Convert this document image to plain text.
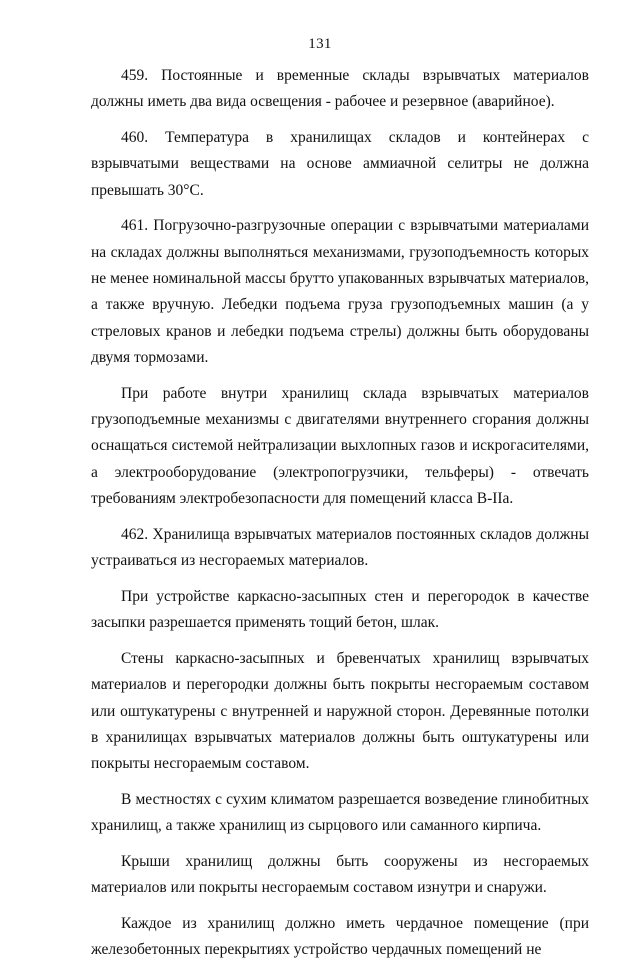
131

459. Постоянные и временные склады взрывчатых материалов должны иметь два вида освещения - рабочее и резервное (аварийное).

460. Температура в хранилищах складов и контейнерах с взрывчатыми веществами на основе аммиачной селитры не должна превышать 30°С.

461. Погрузочно-разгрузочные операции с взрывчатыми материалами на складах должны выполняться механизмами, грузоподъемность которых не менее номинальной массы брутто упакованных взрывчатых материалов, а также вручную. Лебедки подъема груза грузоподъемных машин (а у стреловых кранов и лебедки подъема стрелы) должны быть оборудованы двумя тормозами.

При работе внутри хранилищ склада взрывчатых материалов грузоподъемные механизмы с двигателями внутреннего сгорания должны оснащаться системой нейтрализации выхлопных газов и искрогасителями, а электрооборудование (электропогрузчики, тельферы) - отвечать требованиям электробезопасности для помещений класса В-IIа.

462. Хранилища взрывчатых материалов постоянных складов должны устраиваться из несгораемых материалов.

При устройстве каркасно-засыпных стен и перегородок в качестве засыпки разрешается применять тощий бетон, шлак.

Стены каркасно-засыпных и бревенчатых хранилищ взрывчатых материалов и перегородки должны быть покрыты несгораемым составом или оштукатурены с внутренней и наружной сторон. Деревянные потолки в хранилищах взрывчатых материалов должны быть оштукатурены или покрыты несгораемым составом.

В местностях с сухим климатом разрешается возведение глинобитных хранилищ, а также хранилищ из сырцового или саманного кирпича.

Крыши хранилищ должны быть сооружены из несгораемых материалов или покрыты несгораемым составом изнутри и снаружи.

Каждое из хранилищ должно иметь чердачное помещение (при железобетонных перекрытиях устройство чердачных помещений не
